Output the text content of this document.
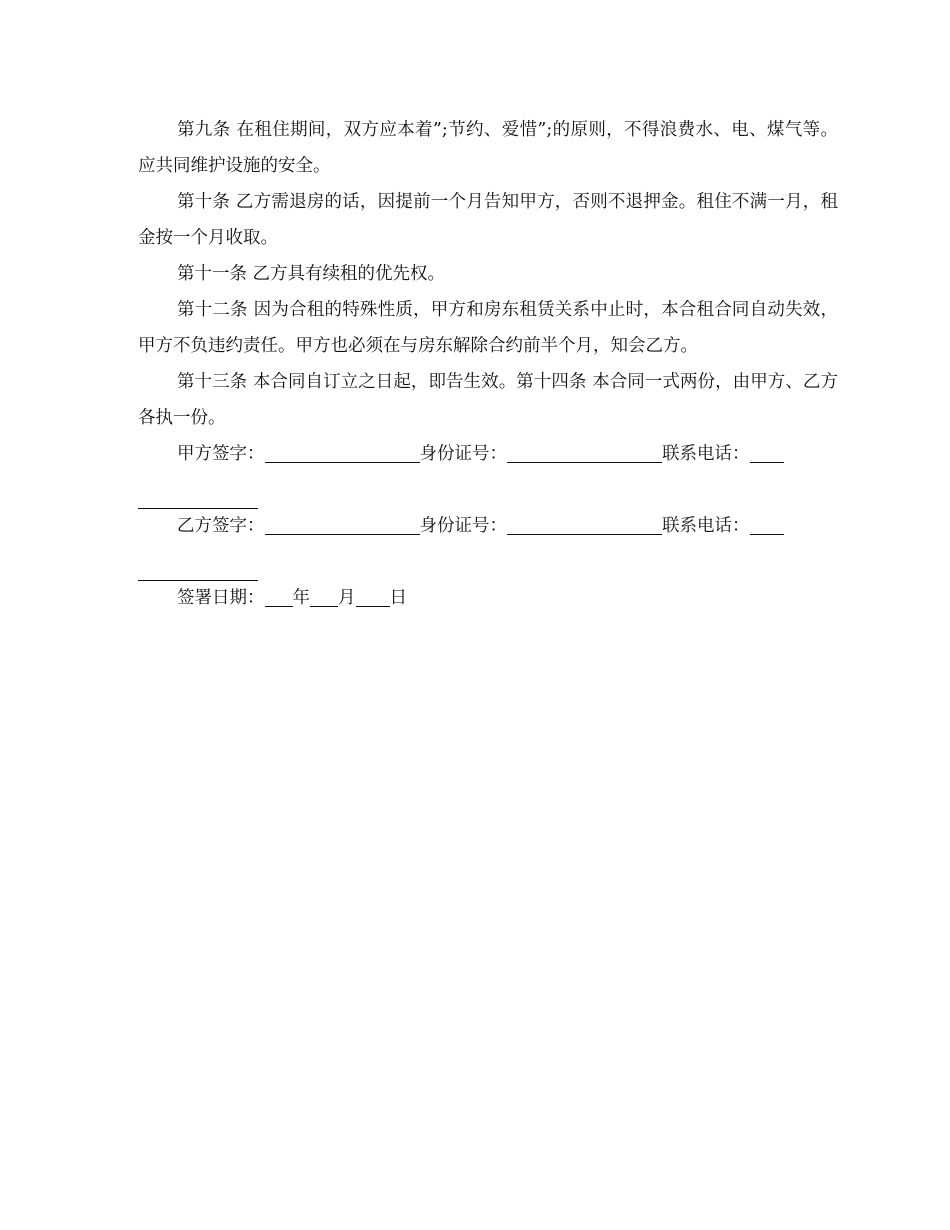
第九条 在租住期间，双方应本着”;节约、爱惜”;的原则，不得浪费水、电、煤气等。应共同维护设施的安全。

第十条 乙方需退房的话，因提前一个月告知甲方，否则不退押金。租住不满一月，租金按一个月收取。

第十一条 乙方具有续租的优先权。

第十二条 因为合租的特殊性质，甲方和房东租赁关系中止时，本合租合同自动失效，甲方不负违约责任。甲方也必须在与房东解除合约前半个月，知会乙方。

第十三条 本合同自订立之日起，即告生效。第十四条 本合同一式两份，由甲方、乙方各执一份。

甲方签字：	身份证号：	联系电话：
乙方签字：	身份证号：	联系电话：
签署日期： 年 月 日
